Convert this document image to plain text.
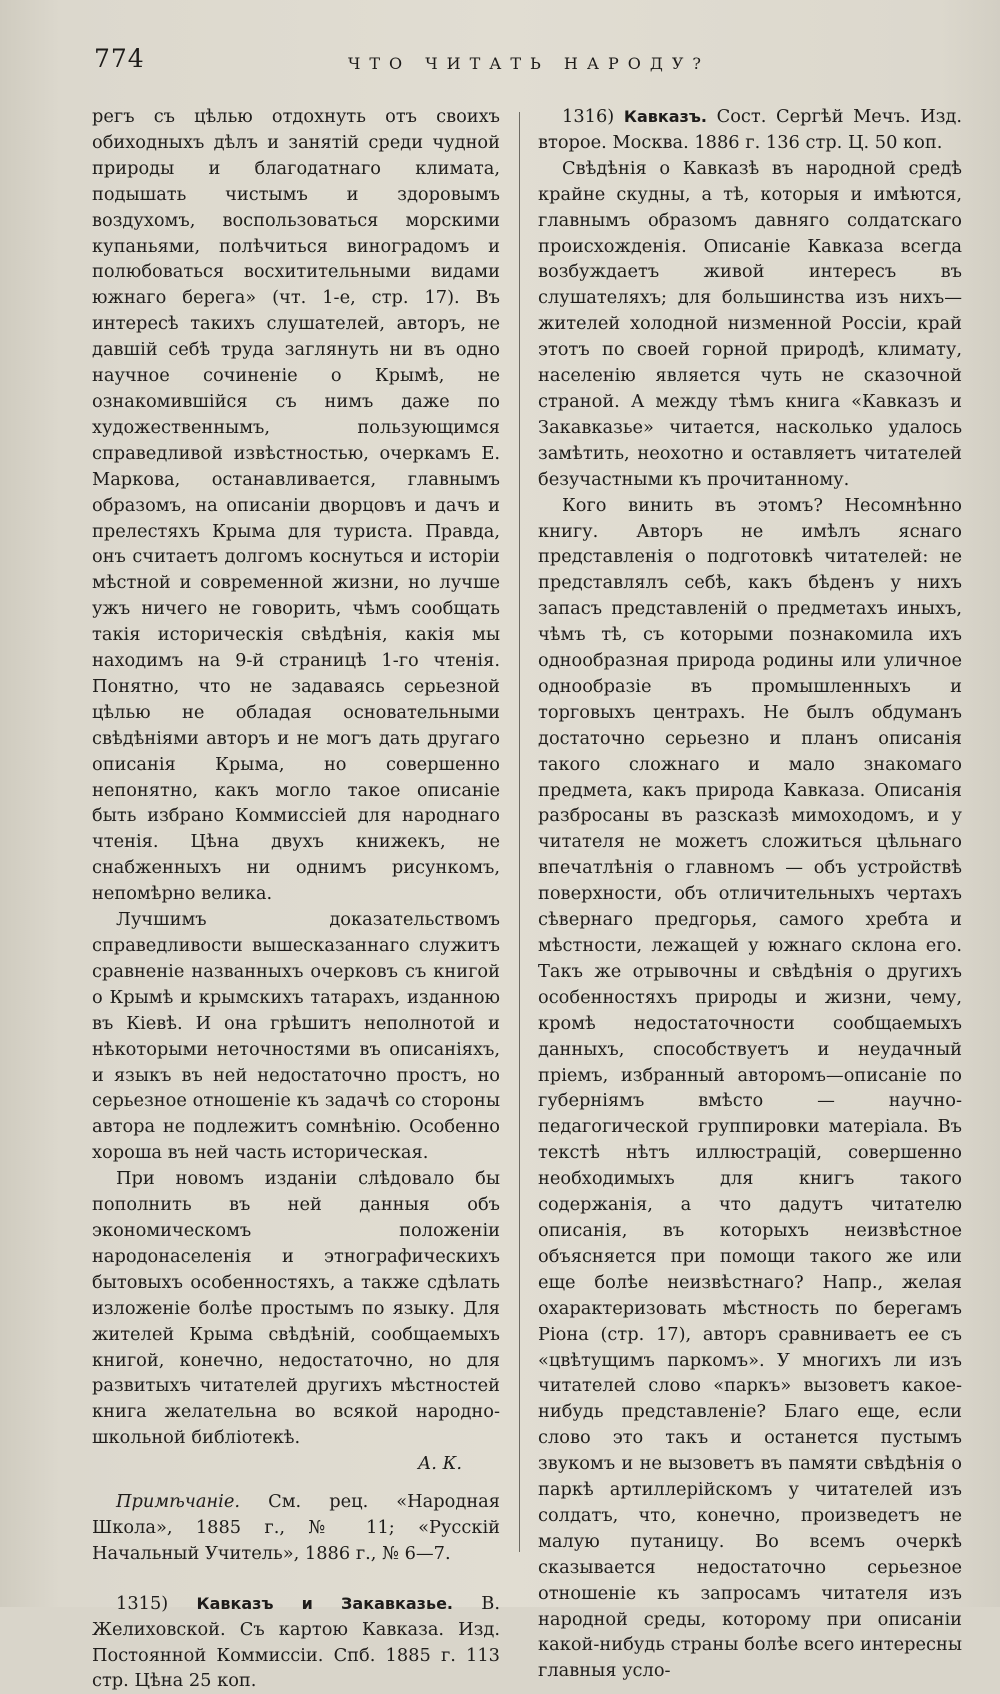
774	ЧТО ЧИТАТЬ НАРОДУ?

регъ съ цѣлью отдохнуть отъ своихъ обиходныхъ дѣлъ и занятій среди чудной природы и благодатнаго климата, подышать чистымъ и здоровымъ воздухомъ, воспользоваться морскими купаньями, полѣчиться виноградомъ и полюбоваться восхитительными видами южнаго берега» (чт. 1-е, стр. 17). Въ интересѣ такихъ слушателей, авторъ, не давшій себѣ труда заглянуть ни въ одно научное сочиненіе о Крымѣ, не ознакомившійся съ нимъ даже по художественнымъ, пользующимся справедливой извѣстностью, очеркамъ Е. Маркова, останавливается, главнымъ образомъ, на описаніи дворцовъ и дачъ и прелестяхъ Крыма для туриста. Правда, онъ считаетъ долгомъ коснуться и исторіи мѣстной и современной жизни, но лучше ужъ ничего не говорить, чѣмъ сообщать такія историческія свѣдѣнія, какія мы находимъ на 9-й страницѣ 1-го чтенія. Понятно, что не задаваясь серьезной цѣлью не обладая основательными свѣдѣніями авторъ и не могъ дать другаго описанія Крыма, но совершенно непонятно, какъ могло такое описаніе быть избрано Коммиссіей для народнаго чтенія. Цѣна двухъ книжекъ, не снабженныхъ ни однимъ рисункомъ, непомѣрно велика.

Лучшимъ доказательствомъ справедливости вышесказаннаго служитъ сравненіе названныхъ очерковъ съ книгой о Крымѣ и крымскихъ татарахъ, изданною въ Кіевѣ. И она грѣшитъ неполнотой и нѣкоторыми неточностями въ описаніяхъ, и языкъ въ ней недостаточно простъ, но серьезное отношеніе къ задачѣ со стороны автора не подлежитъ сомнѣнію. Особенно хороша въ ней часть историческая.

При новомъ изданіи слѣдовало бы пополнить въ ней данныя объ экономическомъ положеніи народонаселенія и этнографическихъ бытовыхъ особенностяхъ, а также сдѣлать изложеніе болѣе простымъ по языку. Для жителей Крыма свѣдѣній, сообщаемыхъ книгой, конечно, недостаточно, но для развитыхъ читателей другихъ мѣстностей книга желательна во всякой народно-школьной библіотекѣ.

А. К.

Примѣчаніе. См. рец. «Народная Школа», 1885 г., № 11; «Русскій Начальный Учитель», 1886 г., № 6—7.

1315) Кавказъ и Закавказье. В. Желиховской. Съ картою Кавказа. Изд. Постоянной Коммиссіи. Спб. 1885 г. 113 стр. Цѣна 25 коп.

1316) Кавказъ. Сост. Сергѣй Мечъ. Изд. второе. Москва. 1886 г. 136 стр. Ц. 50 коп.

Свѣдѣнія о Кавказѣ въ народной средѣ крайне скудны, а тѣ, которыя и имѣются, главнымъ образомъ давняго солдатскаго происхожденія. Описаніе Кавказа всегда возбуждаетъ живой интересъ въ слушателяхъ; для большинства изъ нихъ—жителей холодной низменной Россіи, край этотъ по своей горной природѣ, климату, населенію является чуть не сказочной страной. А между тѣмъ книга «Кавказъ и Закавказье» читается, насколько удалось замѣтить, неохотно и оставляетъ читателей безучастными къ прочитанному.

Кого винить въ этомъ? Несомнѣнно книгу. Авторъ не имѣлъ яснаго представленія о подготовкѣ читателей: не представлялъ себѣ, какъ бѣденъ у нихъ запасъ представленій о предметахъ иныхъ, чѣмъ тѣ, съ которыми познакомила ихъ однообразная природа родины или уличное однообразіе въ промышленныхъ и торговыхъ центрахъ. Не былъ обдуманъ достаточно серьезно и планъ описанія такого сложнаго и мало знакомаго предмета, какъ природа Кавказа. Описанія разбросаны въ разсказѣ мимоходомъ, и у читателя не можетъ сложиться цѣльнаго впечатлѣнія о главномъ — объ устройствѣ поверхности, объ отличительныхъ чертахъ сѣвернаго предгорья, самого хребта и мѣстности, лежащей у южнаго склона его. Такъ же отрывочны и свѣдѣнія о другихъ особенностяхъ природы и жизни, чему, кромѣ недостаточности сообщаемыхъ данныхъ, способствуетъ и неудачный пріемъ, избранный авторомъ—описаніе по губерніямъ вмѣсто — научно-педагогической группировки матеріала. Въ текстѣ нѣтъ иллюстрацій, совершенно необходимыхъ для книгъ такого содержанія, а что дадутъ читателю описанія, въ которыхъ неизвѣстное объясняется при помощи такого же или еще болѣе неизвѣстнаго? Напр., желая охарактеризовать мѣстность по берегамъ Ріона (стр. 17), авторъ сравниваетъ ее съ «цвѣтущимъ паркомъ». У многихъ ли изъ читателей слово «паркъ» вызоветъ какое-нибудь представленіе? Благо еще, если слово это такъ и останется пустымъ звукомъ и не вызоветъ въ памяти свѣдѣнія о паркѣ артиллерійскомъ у читателей изъ солдатъ, что, конечно, произведетъ не малую путаницу. Во всемъ очеркѣ сказывается недостаточно серьезное отношеніе къ запросамъ читателя изъ народной среды, которому при описаніи какой-нибудь страны болѣе всего интересны главныя усло-
